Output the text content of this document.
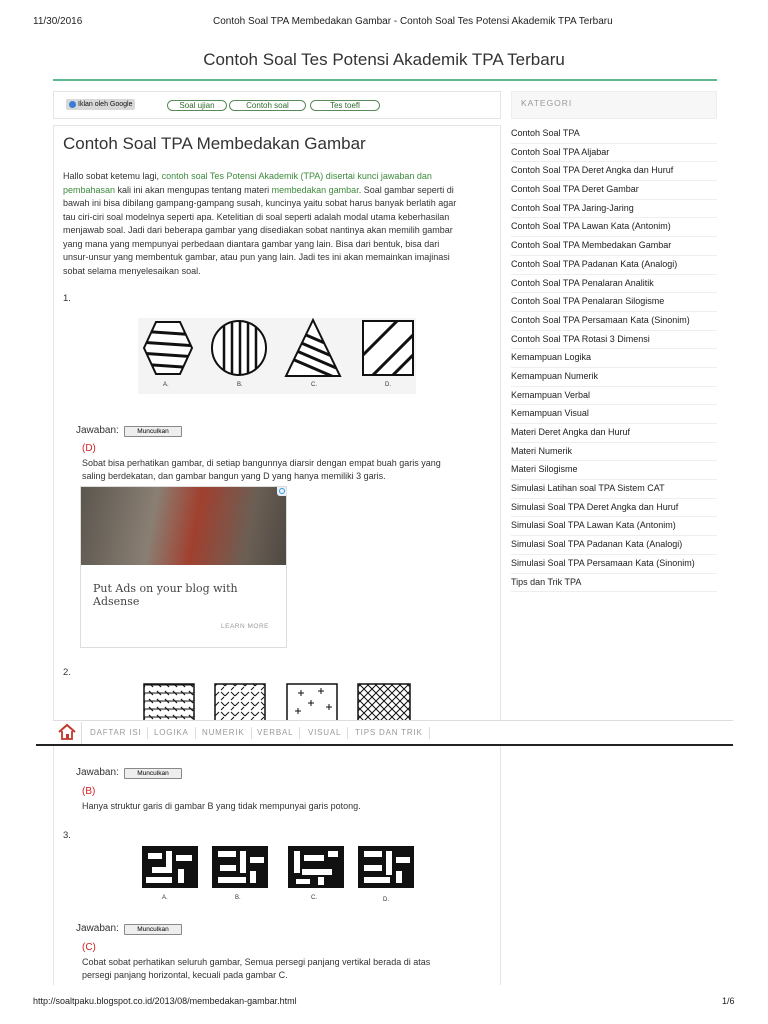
11/30/2016	Contoh Soal TPA Membedakan Gambar - Contoh Soal Tes Potensi Akademik TPA Terbaru
Contoh Soal Tes Potensi Akademik TPA Terbaru
Iklan oleh Google	Soal ujian	Contoh soal	Tes toefl
Contoh Soal TPA Membedakan Gambar
Hallo sobat ketemu lagi, contoh soal Tes Potensi Akademik (TPA) disertai kunci jawaban dan pembahasan kali ini akan mengupas tentang materi membedakan gambar. Soal gambar seperti di bawah ini bisa dibilang gampang-gampang susah, kuncinya yaitu sobat harus banyak berlatih agar tau ciri-ciri soal modelnya seperti apa. Ketelitian di soal seperti adalah modal utama keberhasilan menjawab soal. Jadi dari beberapa gambar yang disediakan sobat nantinya akan memilih gambar yang mana yang mempunyai perbedaan diantara gambar yang lain. Bisa dari bentuk, bisa dari unsur-unsur yang membentuk gambar, atau pun yang lain. Jadi tes ini akan memainkan imajinasi sobat selama menyelesaikan soal.
1.
A.	B.	C.	D.
Jawaban:	Munculkan
(D)
Sobat bisa perhatikan gambar, di setiap bangunnya diarsir dengan empat buah garis yang saling berdekatan, dan gambar bangun yang D yang hanya memiliki 3 garis.
Put Ads on your blog with Adsense
LEARN MORE
2.
DAFTAR ISI	LOGIKA	NUMERIK	VERBAL	VISUAL	TIPS DAN TRIK
Jawaban:	Munculkan
(B)
Hanya struktur garis di gambar B yang tidak mempunyai garis potong.
3.
A.	B.	C.	D.
Jawaban:	Munculkan
(C)
Cobat sobat perhatikan seluruh gambar, Semua persegi panjang vertikal berada di atas persegi panjang horizontal, kecuali pada gambar C.
KATEGORI
Contoh Soal TPA
Contoh Soal TPA Aljabar
Contoh Soal TPA Deret Angka dan Huruf
Contoh Soal TPA Deret Gambar
Contoh Soal TPA Jaring-Jaring
Contoh Soal TPA Lawan Kata (Antonim)
Contoh Soal TPA Membedakan Gambar
Contoh Soal TPA Padanan Kata (Analogi)
Contoh Soal TPA Penalaran Analitik
Contoh Soal TPA Penalaran Silogisme
Contoh Soal TPA Persamaan Kata (Sinonim)
Contoh Soal TPA Rotasi 3 Dimensi
Kemampuan Logika
Kemampuan Numerik
Kemampuan Verbal
Kemampuan Visual
Materi Deret Angka dan Huruf
Materi Numerik
Materi Silogisme
Simulasi Latihan soal TPA Sistem CAT
Simulasi Soal TPA Deret Angka dan Huruf
Simulasi Soal TPA Lawan Kata (Antonim)
Simulasi Soal TPA Padanan Kata (Analogi)
Simulasi Soal TPA Persamaan Kata (Sinonim)
Tips dan Trik TPA
http://soaltpaku.blogspot.co.id/2013/08/membedakan-gambar.html	1/6
